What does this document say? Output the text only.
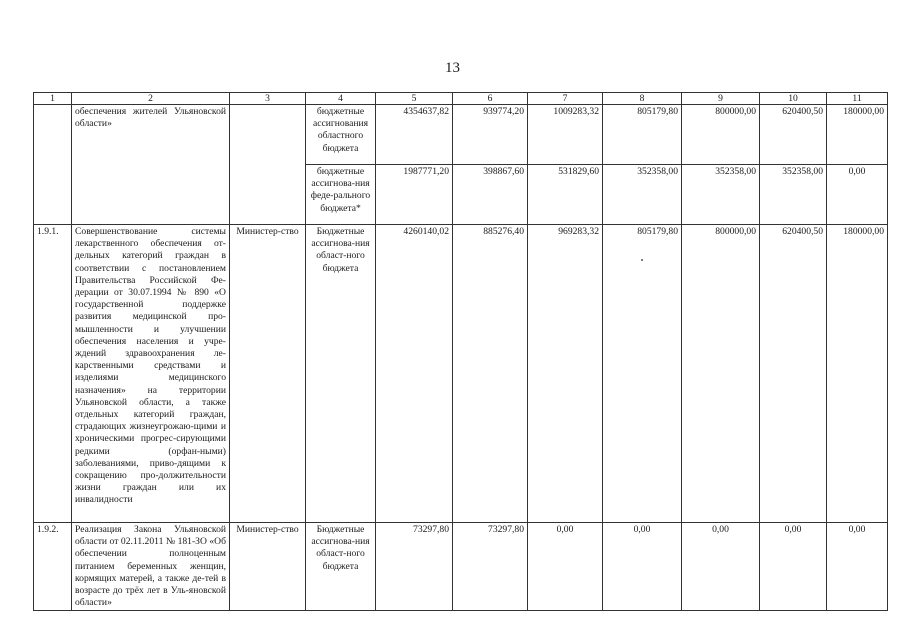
13
1	2	3	4	5	6	7	8	9	10	11
	обеспечения жителей Ульяновской области»		бюджетные ассигнования областного бюджета	4354637,82	939774,20	1009283,32	805179,80	800000,00	620400,50	180000,00
			бюджетные ассигнова-ния феде-рального бюджета*	1987771,20	398867,60	531829,60	352358,00	352358,00	352358,00	0,00
1.9.1.	Совершенствование системы лекарственного обеспечения от-дельных категорий граждан в соответствии с постановлением Правительства Российской Фе-дерации от 30.07.1994 № 890 «О государственной поддержке развития медицинской про-мышленности и улучшении обеспечения населения и учре-ждений здравоохранения ле-карственными средствами и изделиями медицинского назначения» на территории Ульяновской области, а также отдельных категорий граждан, страдающих жизнеугрожаю-щими и хроническими прогрес-сирующими редкими (орфан-ными) заболеваниями, приво-дящими к сокращению про-должительности жизни граждан или их инвалидности	Министер-ство	Бюджетные ассигнова-ния област-ного бюджета	4260140,02	885276,40	969283,32	805179,80	800000,00	620400,50	180000,00
1.9.2.	Реализация Закона Ульяновской области от 02.11.2011 № 181-ЗО «Об обеспечении полноценным питанием беременных женщин, кормящих матерей, а также де-тей в возрасте до трёх лет в Уль-яновской области»	Министер-ство	Бюджетные ассигнова-ния област-ного бюджета	73297,80	73297,80	0,00	0,00	0,00	0,00	0,00
